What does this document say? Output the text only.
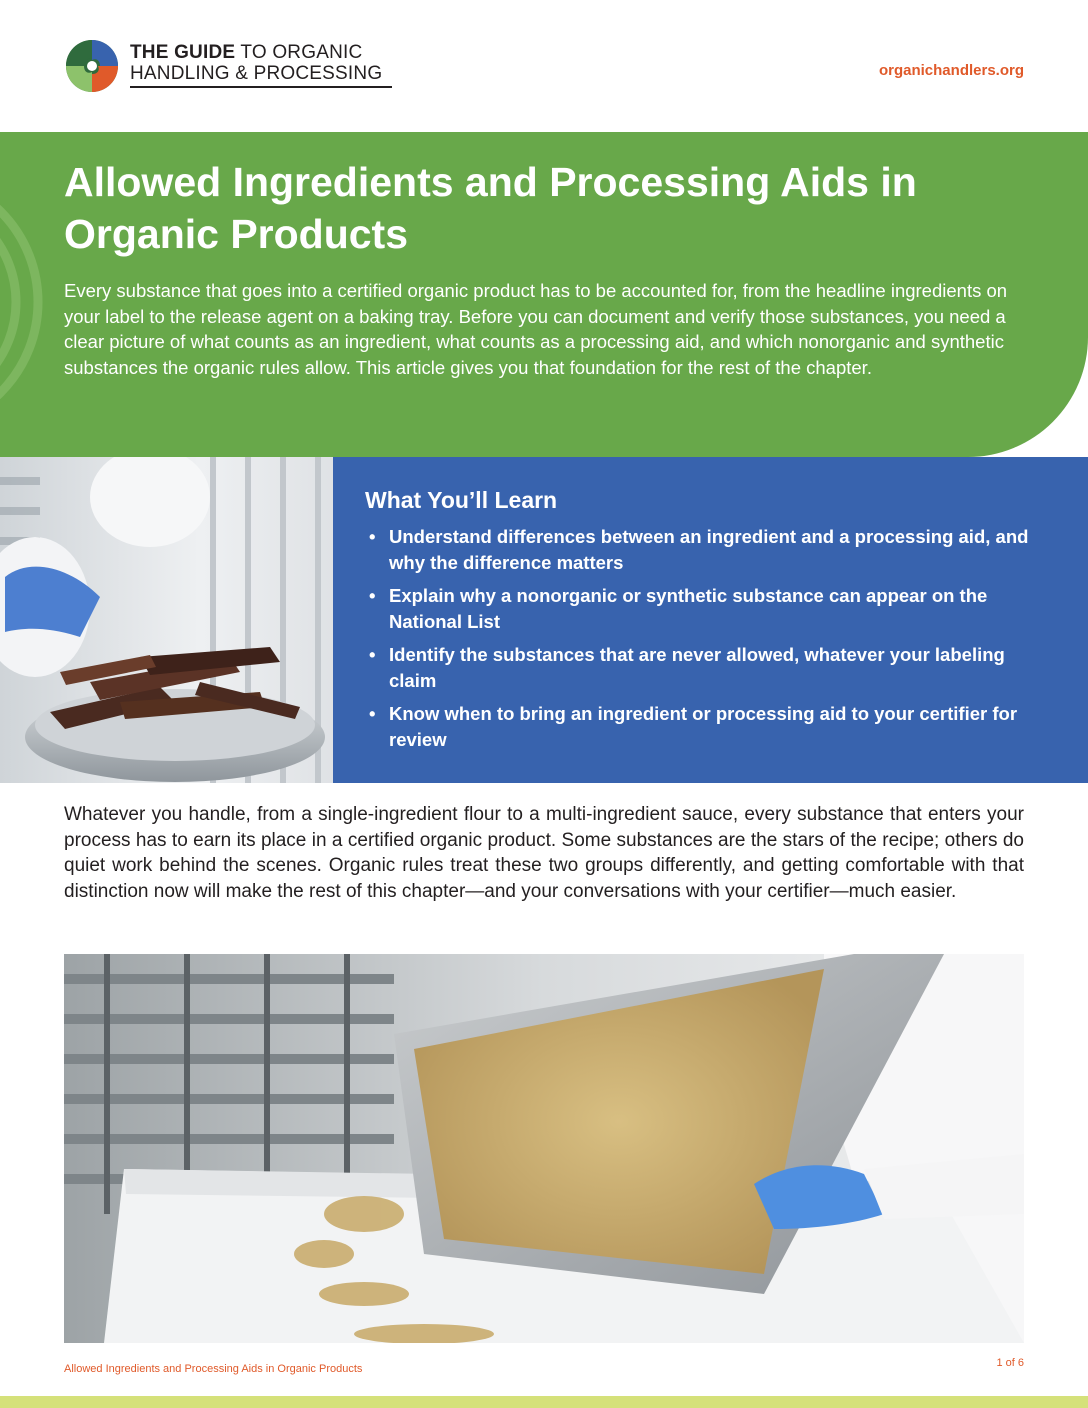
THE GUIDE TO ORGANIC
HANDLING & PROCESSING	organichandlers.org
Allowed Ingredients and Processing Aids in Organic Products

Every substance that goes into a certified organic product has to be accounted for, from the headline ingredients on your label to the release agent on a baking tray. Before you can document and verify those substances, you need a clear picture of what counts as an ingredient, what counts as a processing aid, and which nonorganic and synthetic substances the organic rules allow. This article gives you that foundation for the rest of the chapter.

What You’ll Learn
• Understand differences between an ingredient and a processing aid, and why the difference matters
• Explain why a nonorganic or synthetic substance can appear on the National List
• Identify the substances that are never allowed, whatever your labeling claim
• Know when to bring an ingredient or processing aid to your certifier for review

Whatever you handle, from a single-ingredient flour to a multi-ingredient sauce, every substance that enters your process has to earn its place in a certified organic product. Some substances are the stars of the recipe; others do quiet work behind the scenes. Organic rules treat these two groups differently, and getting comfortable with that distinction now will make the rest of this chapter—and your conversations with your certifier—much easier.

Allowed Ingredients and Processing Aids in Organic Products	1 of 6
